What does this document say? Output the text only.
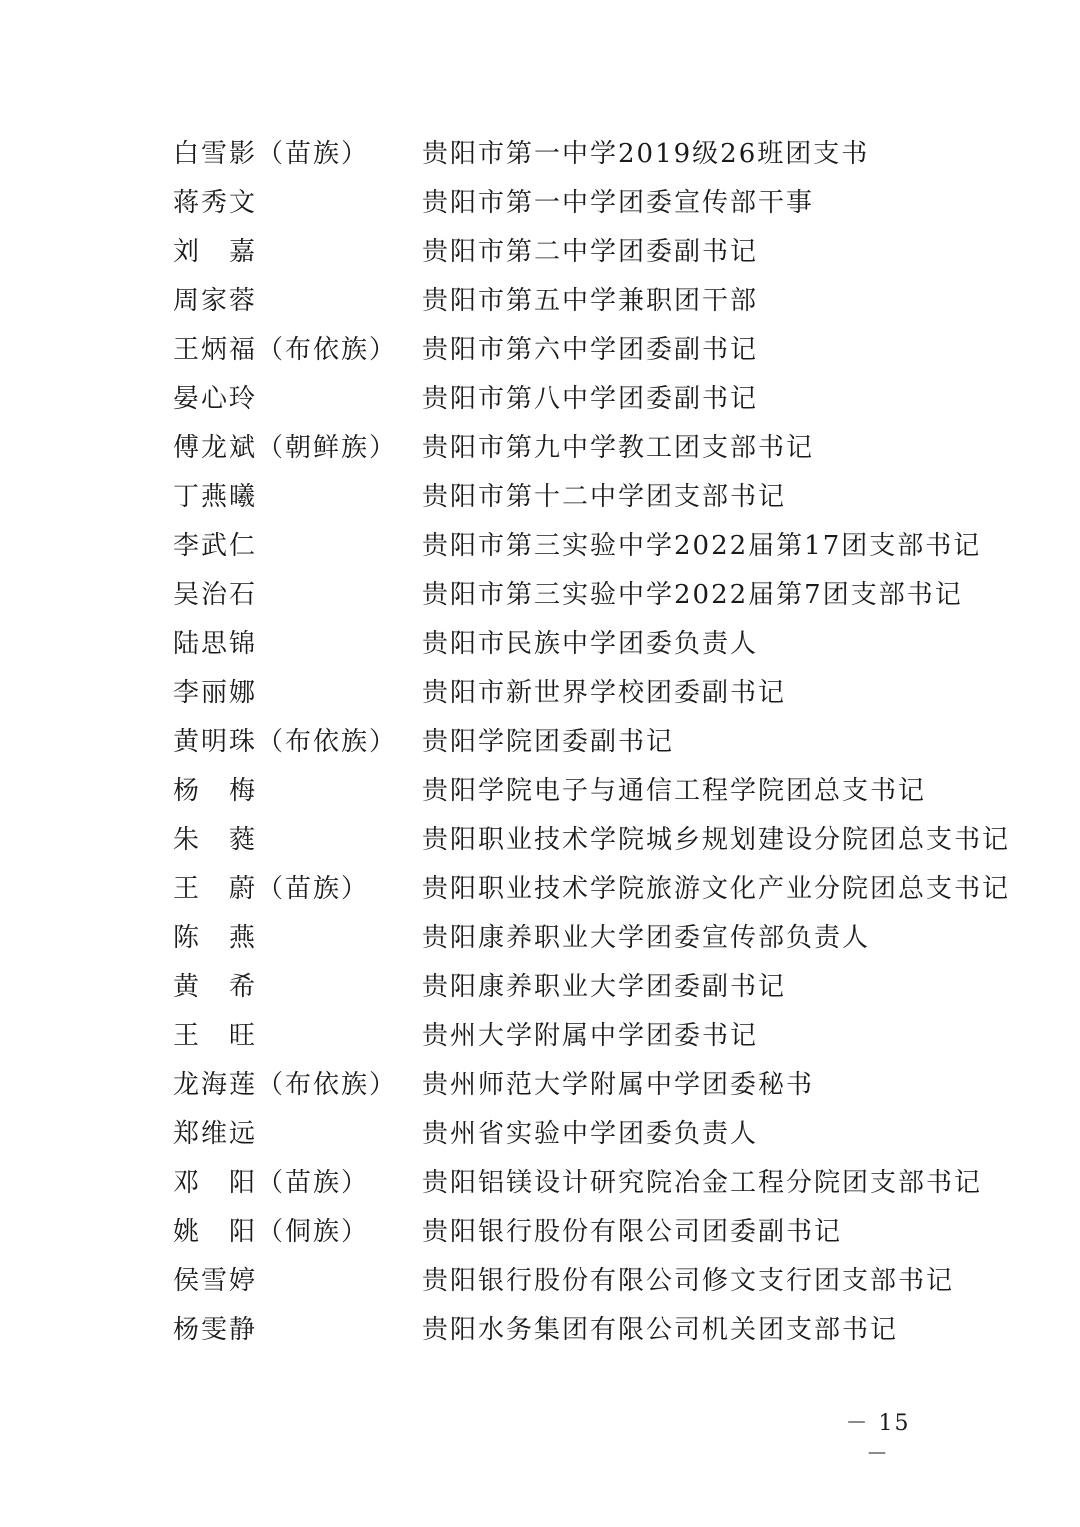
白雪影（苗族） 贵阳市第一中学2019级26班团支书
蒋秀文	贵阳市第一中学团委宣传部干事
刘　嘉	贵阳市第二中学团委副书记
周家蓉	贵阳市第五中学兼职团干部
王炳福（布依族） 贵阳市第六中学团委副书记
晏心玲	贵阳市第八中学团委副书记
傅龙斌（朝鲜族） 贵阳市第九中学教工团支部书记
丁燕曦	贵阳市第十二中学团支部书记
李武仁	贵阳市第三实验中学2022届第17团支部书记
吴治石	贵阳市第三实验中学2022届第7团支部书记
陆思锦	贵阳市民族中学团委负责人
李丽娜	贵阳市新世界学校团委副书记
黄明珠（布依族） 贵阳学院团委副书记
杨　梅	贵阳学院电子与通信工程学院团总支书记
朱　蕤	贵阳职业技术学院城乡规划建设分院团总支书记
王　蔚（苗族） 贵阳职业技术学院旅游文化产业分院团总支书记
陈　燕	贵阳康养职业大学团委宣传部负责人
黄　希	贵阳康养职业大学团委副书记
王　旺	贵州大学附属中学团委书记
龙海莲（布依族） 贵州师范大学附属中学团委秘书
郑维远	贵州省实验中学团委负责人
邓　阳（苗族） 贵阳铝镁设计研究院冶金工程分院团支部书记
姚　阳（侗族） 贵阳银行股份有限公司团委副书记
侯雪婷	贵阳银行股份有限公司修文支行团支部书记
杨雯静	贵阳水务集团有限公司机关团支部书记
－ 15 －
